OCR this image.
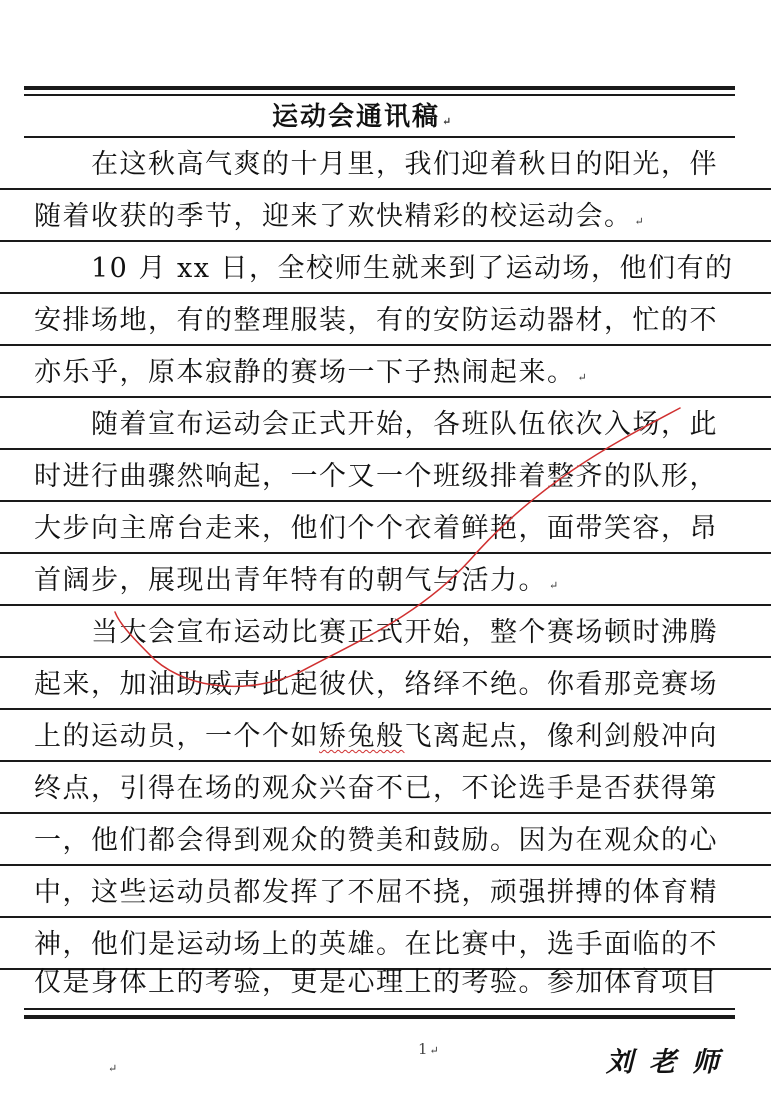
运动会通讯稿 ↵
　　在这秋高气爽的十月里，我们迎着秋日的阳光，伴
随着收获的季节，迎来了欢快精彩的校运动会。 ↵
　　10 月 xx 日，全校师生就来到了运动场，他们有的
安排场地，有的整理服装，有的安防运动器材，忙的不
亦乐乎，原本寂静的赛场一下子热闹起来。 ↵
　　随着宣布运动会正式开始，各班队伍依次入场，此
时进行曲骤然响起，一个又一个班级排着整齐的队形，
大步向主席台走来，他们个个衣着鲜艳，面带笑容，昂
首阔步，展现出青年特有的朝气与活力。 ↵
　　当大会宣布运动比赛正式开始，整个赛场顿时沸腾
起来，加油助威声此起彼伏，络绎不绝。你看那竞赛场
上的运动员，一个个如矫兔般飞离起点，像利剑般冲向
终点，引得在场的观众兴奋不已，不论选手是否获得第
一，他们都会得到观众的赞美和鼓励。因为在观众的心
中，这些运动员都发挥了不屈不挠，顽强拼搏的体育精
神，他们是运动场上的英雄。在比赛中，选手面临的不
仅是身体上的考验，更是心理上的考验。参加体育项目
1 ↵	刘老师
↵
